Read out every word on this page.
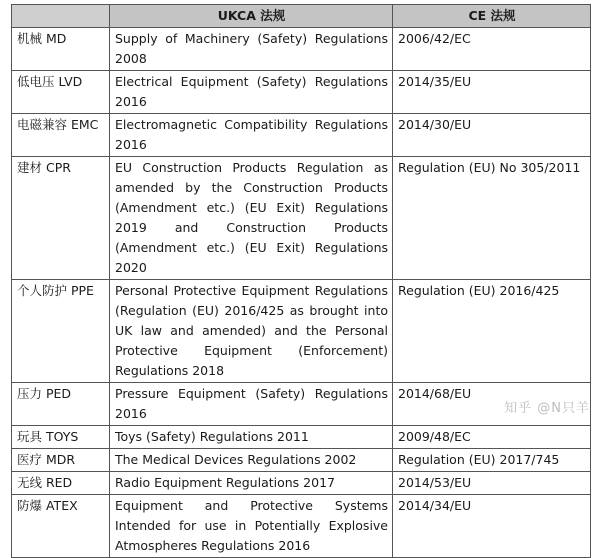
	UKCA 法规	CE 法规
机械 MD	Supply of Machinery (Safety) Regulations 2008	2006/42/EC
低电压 LVD	Electrical Equipment (Safety) Regulations 2016	2014/35/EU
电磁兼容 EMC	Electromagnetic Compatibility Regulations 2016	2014/30/EU
建材 CPR	EU Construction Products Regulation as amended by the Construction Products (Amendment etc.) (EU Exit) Regulations 2019 and Construction Products (Amendment etc.) (EU Exit) Regulations 2020	Regulation (EU) No 305/2011
个人防护 PPE	Personal Protective Equipment Regulations (Regulation (EU) 2016/425 as brought into UK law and amended) and the Personal Protective Equipment (Enforcement) Regulations 2018	Regulation (EU) 2016/425
压力 PED	Pressure Equipment (Safety) Regulations 2016	2014/68/EU
玩具 TOYS	Toys (Safety) Regulations 2011	2009/48/EC
医疗 MDR	The Medical Devices Regulations 2002	Regulation (EU) 2017/745
无线 RED	Radio Equipment Regulations 2017	2014/53/EU
防爆 ATEX	Equipment and Protective Systems Intended for use in Potentially Explosive Atmospheres Regulations 2016	2014/34/EU
知乎 @N只羊
